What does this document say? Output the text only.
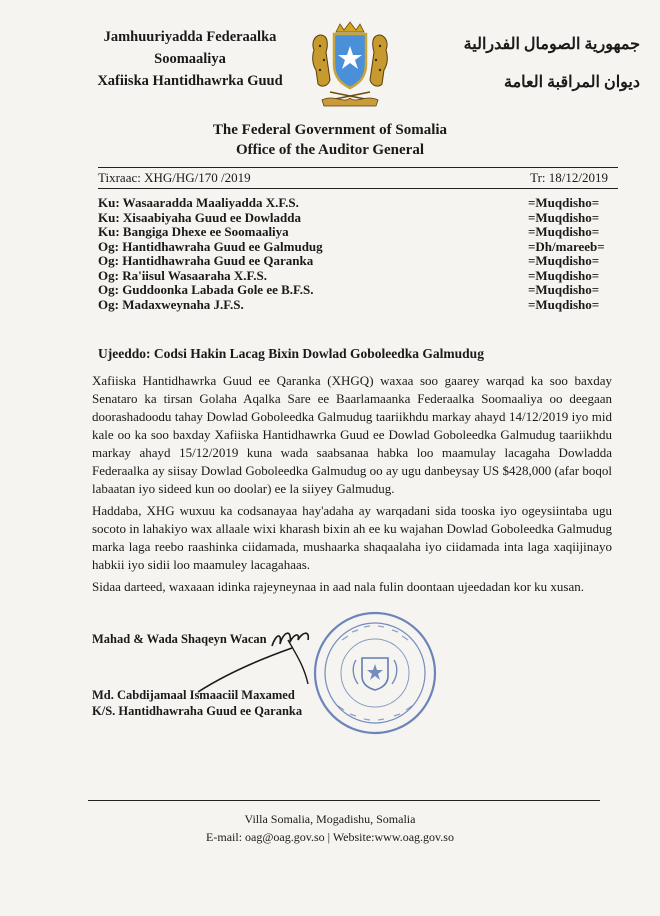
Jamhuuriyadda Federaalka
Soomaaliya
Xafiiska Hantidhawrka Guud
جمهورية الصومال الفدرالية
ديوان المراقبة العامة
The Federal Government of Somalia
Office of the Auditor General
Tixraac: XHG/HG/170 /2019	Tr: 18/12/2019
Ku: Wasaaradda Maaliyadda X.F.S.	=Muqdisho=
Ku: Xisaabiyaha Guud ee Dowladda	=Muqdisho=
Ku: Bangiga Dhexe ee Soomaaliya	=Muqdisho=
Og: Hantidhawraha Guud ee Galmudug	=Dh/mareeb=
Og: Hantidhawraha Guud ee Qaranka	=Muqdisho=
Og: Ra'iisul Wasaaraha X.F.S.	=Muqdisho=
Og: Guddoonka Labada Gole ee B.F.S.	=Muqdisho=
Og: Madaxweynaha J.F.S.	=Muqdisho=
Ujeeddo: Codsi Hakin Lacag Bixin Dowlad Goboleedka Galmudug
Xafiiska Hantidhawrka Guud ee Qaranka (XHGQ) waxaa soo gaarey warqad ka soo baxday Senataro ka tirsan Golaha Aqalka Sare ee Baarlamaanka Federaalka Soomaaliya oo deegaan doorashadoodu tahay Dowlad Goboleedka Galmudug taariikhdu markay ahayd 14/12/2019 iyo mid kale oo ka soo baxday Xafiiska Hantidhawrka Guud ee Dowlad Goboleedka Galmudug taariikhdu markay ahayd 15/12/2019 kuna wada saabsanaa habka loo maamulay lacagaha Dowladda Federaalka ay siisay Dowlad Goboleedka Galmudug oo ay ugu danbeysay US $428,000 (afar boqol labaatan iyo sideed kun oo doolar) ee la siiyey Galmudug.
Haddaba, XHG wuxuu ka codsanayaa hay'adaha ay warqadani sida tooska iyo ogeysiintaba ugu socoto in lahakiyo wax allaale wixi kharash bixin ah ee ku wajahan Dowlad Goboleedka Galmudug marka laga reebo raashinka ciidamada, mushaarka shaqaalaha iyo ciidamada inta laga xaqiijinayo habkii iyo sidii loo maamuley lacagahaas.
Sidaa darteed, waxaaan idinka rajeyneynaa in aad nala fulin doontaan ujeedadan kor ku xusan.
Mahad & Wada Shaqeyn Wacan
Md. Cabdijamaal Ismaaciil Maxamed
K/S. Hantidhawraha Guud ee Qaranka
Villa Somalia, Mogadishu, Somalia
E-mail: oag@oag.gov.so | Website:www.oag.gov.so
